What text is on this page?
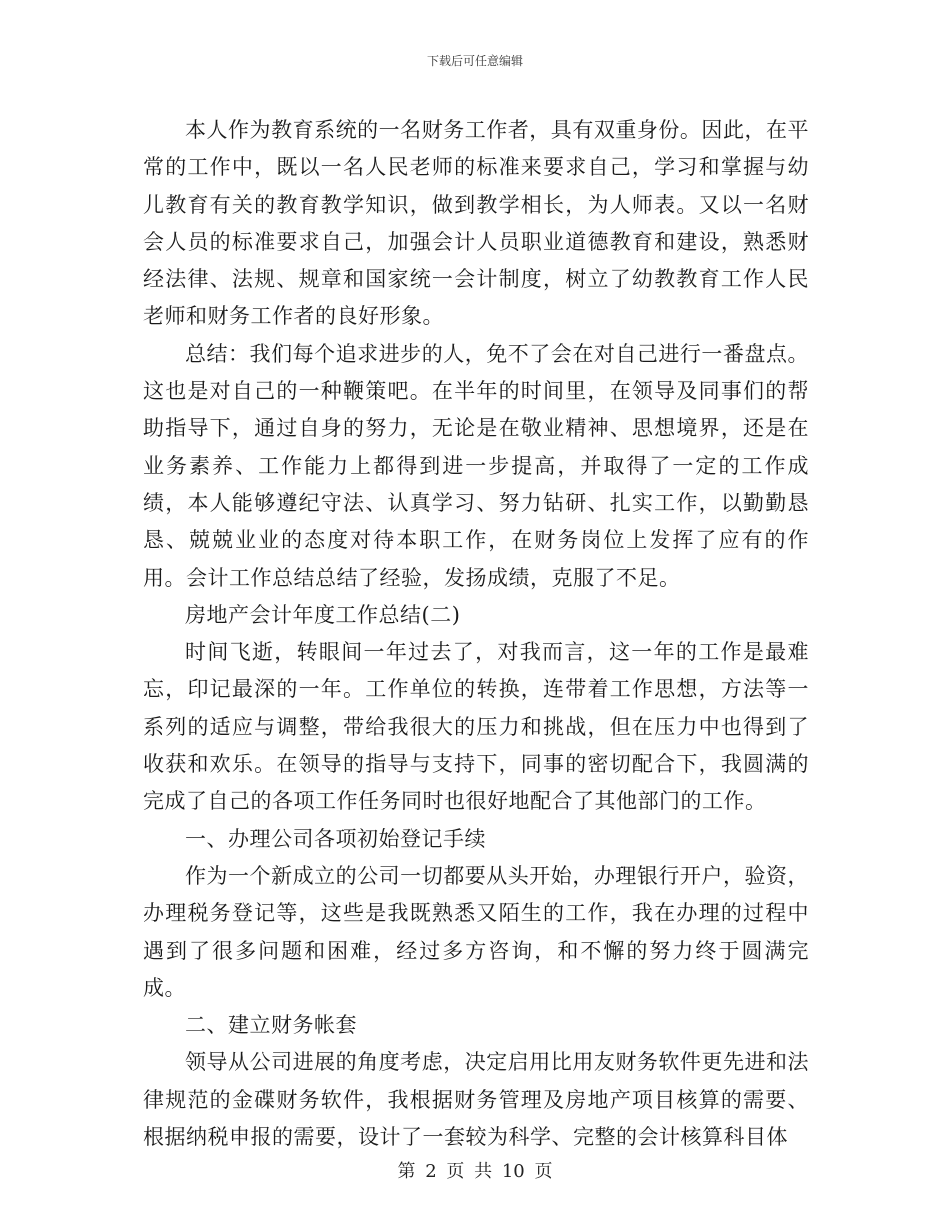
下载后可任意编辑

本人作为教育系统的一名财务工作者，具有双重身份。因此，在平常的工作中，既以一名人民老师的标准来要求自己，学习和掌握与幼儿教育有关的教育教学知识，做到教学相长，为人师表。又以一名财会人员的标准要求自己，加强会计人员职业道德教育和建设，熟悉财经法律、法规、规章和国家统一会计制度，树立了幼教教育工作人民老师和财务工作者的良好形象。

总结：我们每个追求进步的人，免不了会在对自己进行一番盘点。这也是对自己的一种鞭策吧。在半年的时间里，在领导及同事们的帮助指导下，通过自身的努力，无论是在敬业精神、思想境界，还是在业务素养、工作能力上都得到进一步提高，并取得了一定的工作成绩，本人能够遵纪守法、认真学习、努力钻研、扎实工作，以勤勤恳恳、兢兢业业的态度对待本职工作，在财务岗位上发挥了应有的作用。会计工作总结总结了经验，发扬成绩，克服了不足。

房地产会计年度工作总结(二)

时间飞逝，转眼间一年过去了，对我而言，这一年的工作是最难忘，印记最深的一年。工作单位的转换，连带着工作思想，方法等一系列的适应与调整，带给我很大的压力和挑战，但在压力中也得到了收获和欢乐。在领导的指导与支持下，同事的密切配合下，我圆满的完成了自己的各项工作任务同时也很好地配合了其他部门的工作。

一、办理公司各项初始登记手续

作为一个新成立的公司一切都要从头开始，办理银行开户，验资，办理税务登记等，这些是我既熟悉又陌生的工作，我在办理的过程中遇到了很多问题和困难，经过多方咨询，和不懈的努力终于圆满完成。

二、建立财务帐套

领导从公司进展的角度考虑，决定启用比用友财务软件更先进和法律规范的金碟财务软件，我根据财务管理及房地产项目核算的需要、根据纳税申报的需要，设计了一套较为科学、完整的会计核算科目体

第 2 页 共 10 页
